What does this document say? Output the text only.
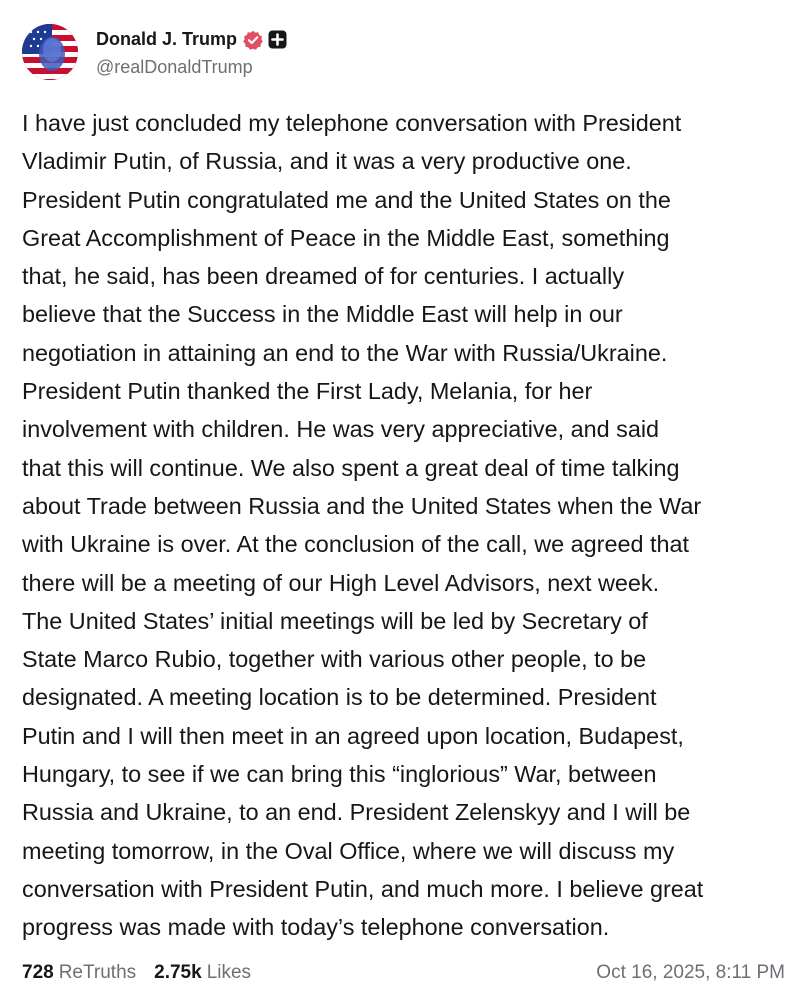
Donald J. Trump
@realDonaldTrump

I have just concluded my telephone conversation with President
Vladimir Putin, of Russia, and it was a very productive one.
President Putin congratulated me and the United States on the
Great Accomplishment of Peace in the Middle East, something
that, he said, has been dreamed of for centuries. I actually
believe that the Success in the Middle East will help in our
negotiation in attaining an end to the War with Russia/Ukraine.
President Putin thanked the First Lady, Melania, for her
involvement with children. He was very appreciative, and said
that this will continue. We also spent a great deal of time talking
about Trade between Russia and the United States when the War
with Ukraine is over. At the conclusion of the call, we agreed that
there will be a meeting of our High Level Advisors, next week.
The United States’ initial meetings will be led by Secretary of
State Marco Rubio, together with various other people, to be
designated. A meeting location is to be determined. President
Putin and I will then meet in an agreed upon location, Budapest,
Hungary, to see if we can bring this “inglorious” War, between
Russia and Ukraine, to an end. President Zelenskyy and I will be
meeting tomorrow, in the Oval Office, where we will discuss my
conversation with President Putin, and much more. I believe great
progress was made with today’s telephone conversation.

728 ReTruths 2.75k Likes	Oct 16, 2025, 8:11 PM
